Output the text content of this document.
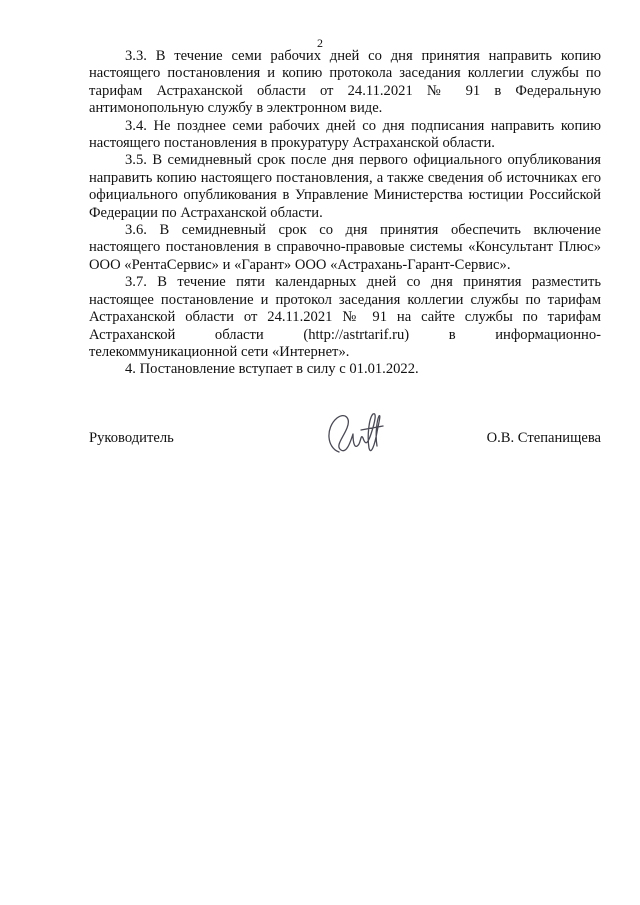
2

3.3. В течение семи рабочих дней со дня принятия направить копию настоящего постановления и копию протокола заседания коллегии службы по тарифам Астраханской области от 24.11.2021 № 91 в Федеральную антимонопольную службу в электронном виде.

3.4. Не позднее семи рабочих дней со дня подписания направить копию настоящего постановления в прокуратуру Астраханской области.

3.5. В семидневный срок после дня первого официального опубликования направить копию настоящего постановления, а также сведения об источниках его официального опубликования в Управление Министерства юстиции Российской Федерации по Астраханской области.

3.6. В семидневный срок со дня принятия обеспечить включение настоящего постановления в справочно-правовые системы «Консультант Плюс» ООО «РентаСервис» и «Гарант» ООО «Астрахань-Гарант-Сервис».

3.7. В течение пяти календарных дней со дня принятия разместить настоящее постановление и протокол заседания коллегии службы по тарифам Астраханской области от 24.11.2021 № 91 на сайте службы по тарифам Астраханской области (http://astrtarif.ru) в информационно-телекоммуникационной сети «Интернет».

4. Постановление вступает в силу с 01.01.2022.

Руководитель	О.В. Степанищева
